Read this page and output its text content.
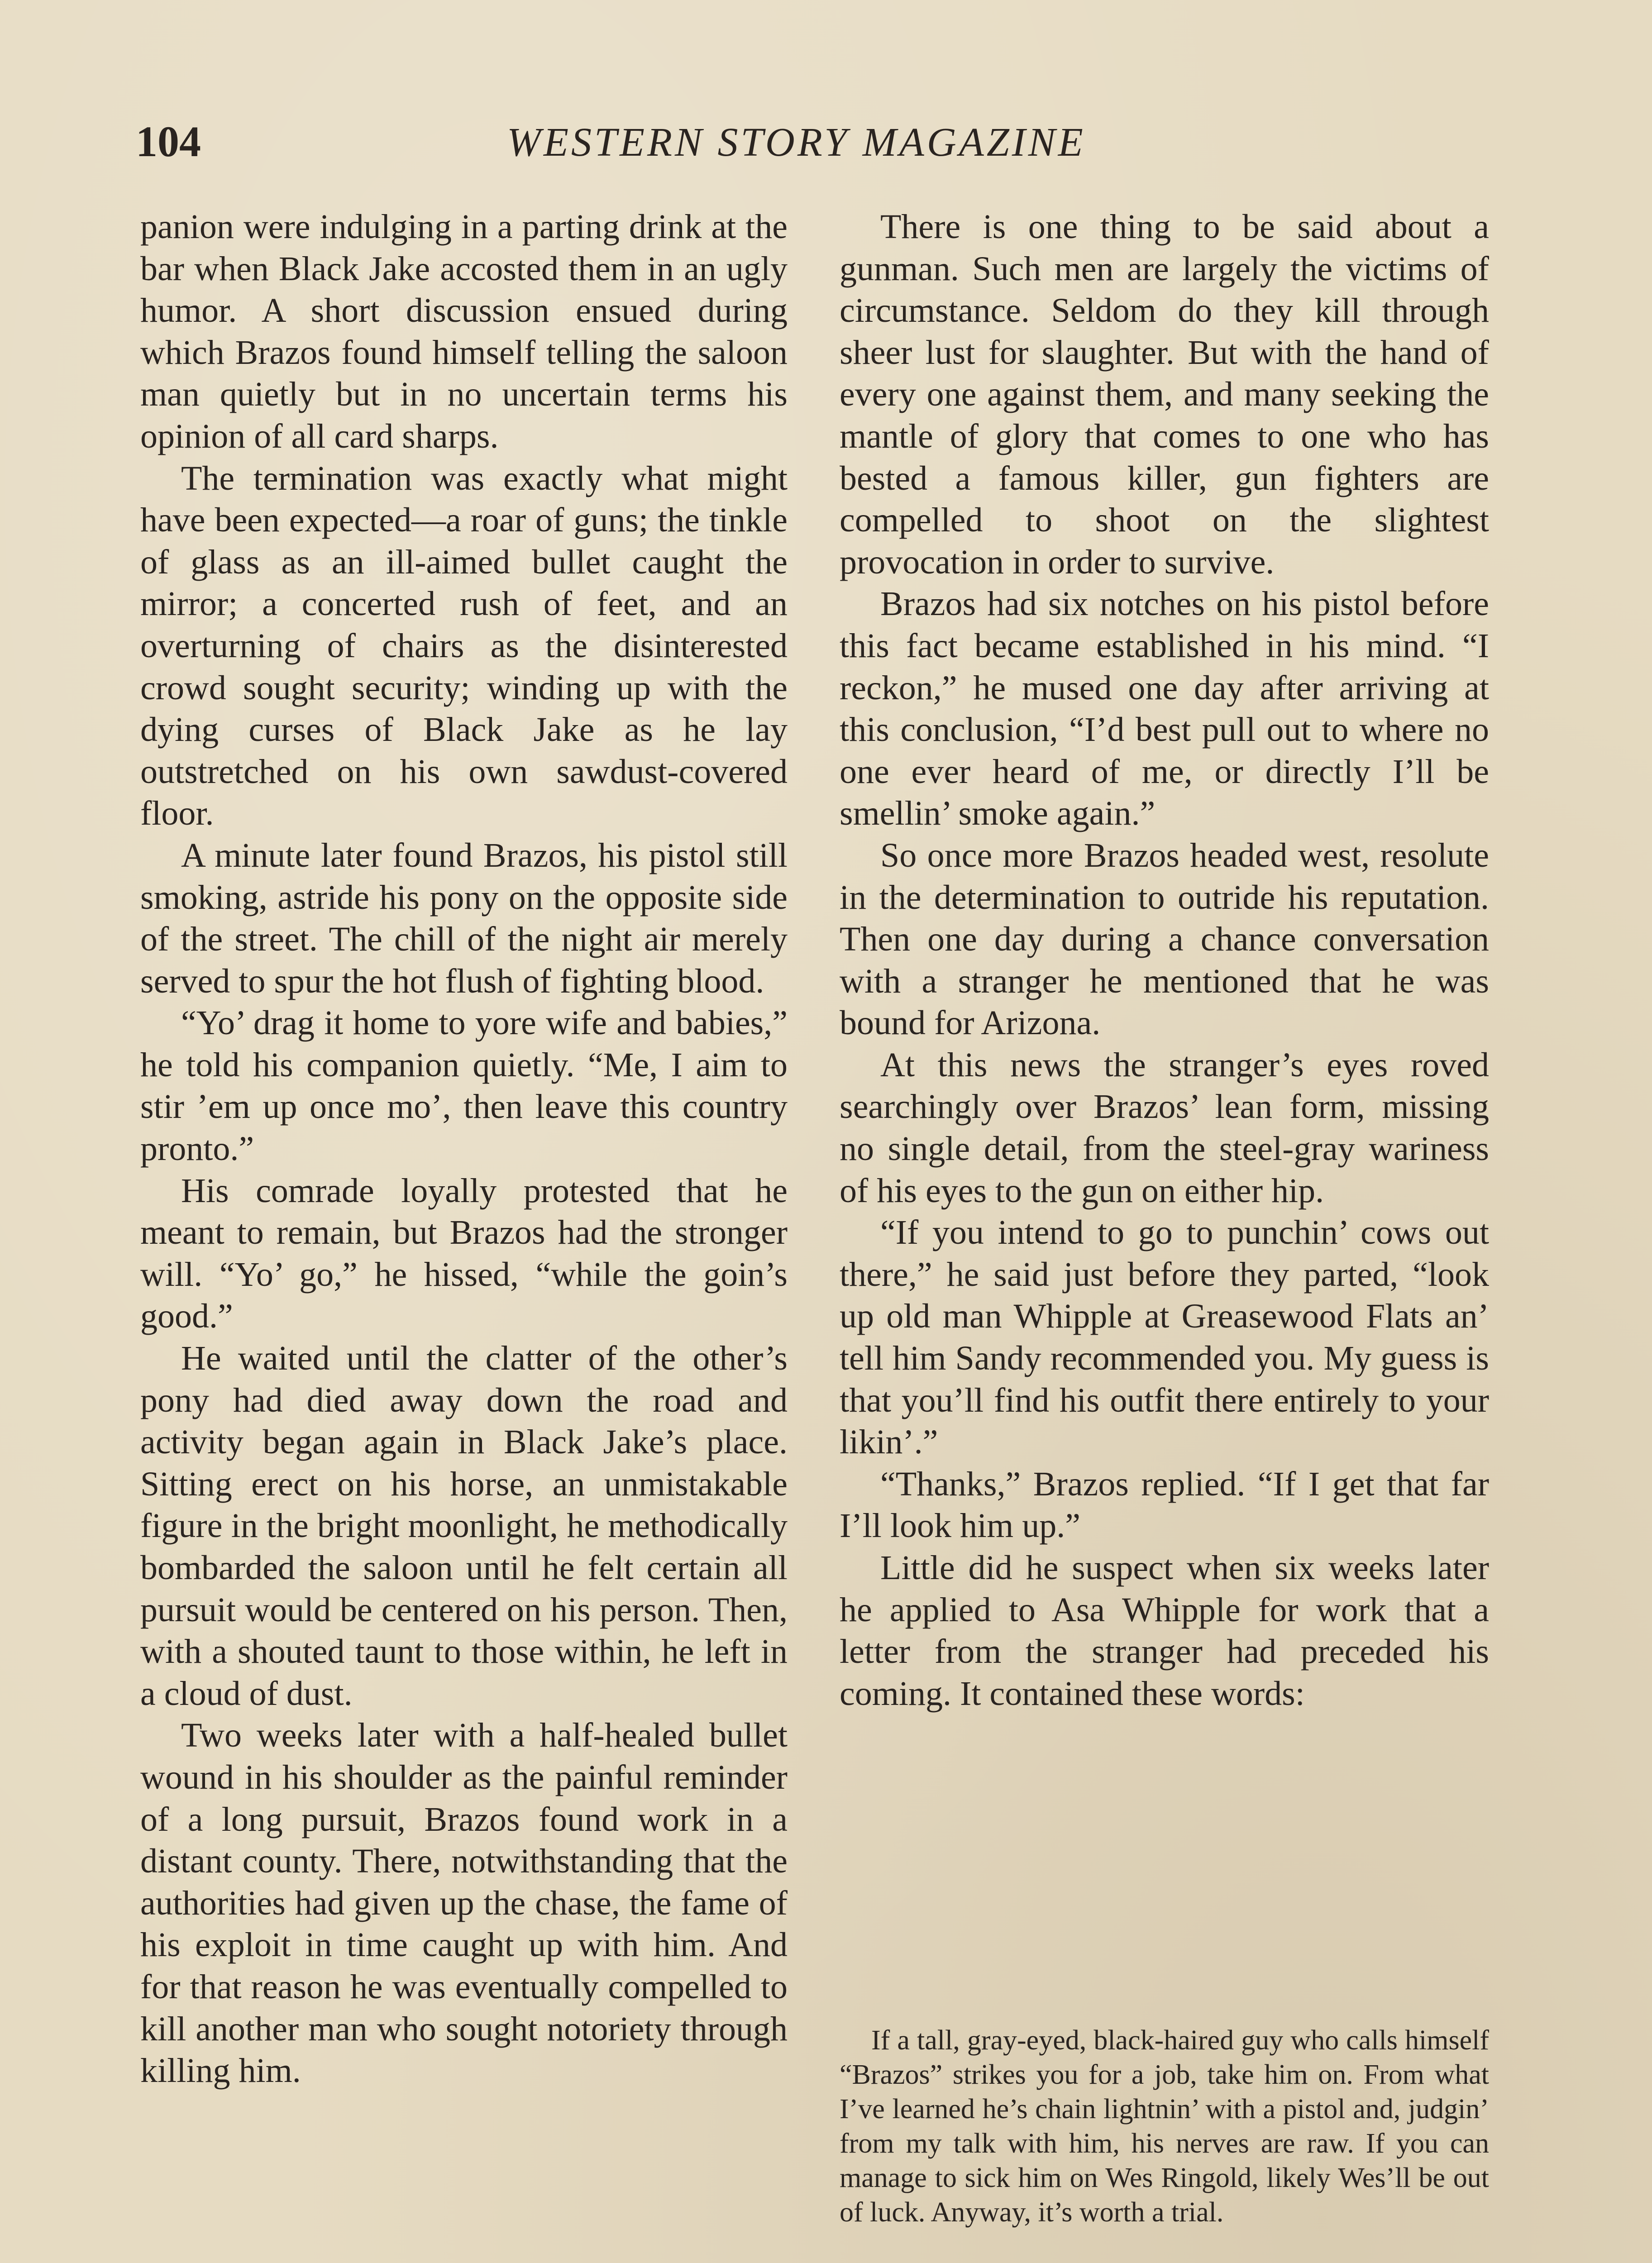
104	WESTERN STORY MAGAZINE

panion were indulging in a parting drink at the bar when Black Jake accosted them in an ugly humor. A short discussion ensued during which Brazos found himself telling the saloon man quietly but in no uncertain terms his opinion of all card sharps.

The termination was exactly what might have been expected—a roar of guns; the tinkle of glass as an ill-aimed bullet caught the mirror; a concerted rush of feet, and an overturning of chairs as the disinterested crowd sought security; winding up with the dying curses of Black Jake as he lay outstretched on his own sawdust-covered floor.

A minute later found Brazos, his pistol still smoking, astride his pony on the opposite side of the street. The chill of the night air merely served to spur the hot flush of fighting blood.

“Yo’ drag it home to yore wife and babies,” he told his companion quietly. “Me, I aim to stir ’em up once mo’, then leave this country pronto.”

His comrade loyally protested that he meant to remain, but Brazos had the stronger will. “Yo’ go,” he hissed, “while the goin’s good.”

He waited until the clatter of the other’s pony had died away down the road and activity began again in Black Jake’s place. Sitting erect on his horse, an unmistakable figure in the bright moonlight, he methodically bombarded the saloon until he felt certain all pursuit would be centered on his person. Then, with a shouted taunt to those within, he left in a cloud of dust.

Two weeks later with a half-healed bullet wound in his shoulder as the painful reminder of a long pursuit, Brazos found work in a distant county. There, notwithstanding that the authorities had given up the chase, the fame of his exploit in time caught up with him. And for that reason he was eventually compelled to kill another man who sought notoriety through killing him.

There is one thing to be said about a gunman. Such men are largely the victims of circumstance. Seldom do they kill through sheer lust for slaughter. But with the hand of every one against them, and many seeking the mantle of glory that comes to one who has bested a famous killer, gun fighters are compelled to shoot on the slightest provocation in order to survive.

Brazos had six notches on his pistol before this fact became established in his mind. “I reckon,” he mused one day after arriving at this conclusion, “I’d best pull out to where no one ever heard of me, or directly I’ll be smellin’ smoke again.”

So once more Brazos headed west, resolute in the determination to outride his reputation. Then one day during a chance conversation with a stranger he mentioned that he was bound for Arizona.

At this news the stranger’s eyes roved searchingly over Brazos’ lean form, missing no single detail, from the steel-gray wariness of his eyes to the gun on either hip.

“If you intend to go to punchin’ cows out there,” he said just before they parted, “look up old man Whipple at Greasewood Flats an’ tell him Sandy recommended you. My guess is that you’ll find his outfit there entirely to your likin’.”

“Thanks,” Brazos replied. “If I get that far I’ll look him up.”

Little did he suspect when six weeks later he applied to Asa Whipple for work that a letter from the stranger had preceded his coming. It contained these words:

If a tall, gray-eyed, black-haired guy who calls himself “Brazos” strikes you for a job, take him on. From what I’ve learned he’s chain lightnin’ with a pistol and, judgin’ from my talk with him, his nerves are raw. If you can manage to sick him on Wes Ringold, likely Wes’ll be out of luck. Anyway, it’s worth a trial.
